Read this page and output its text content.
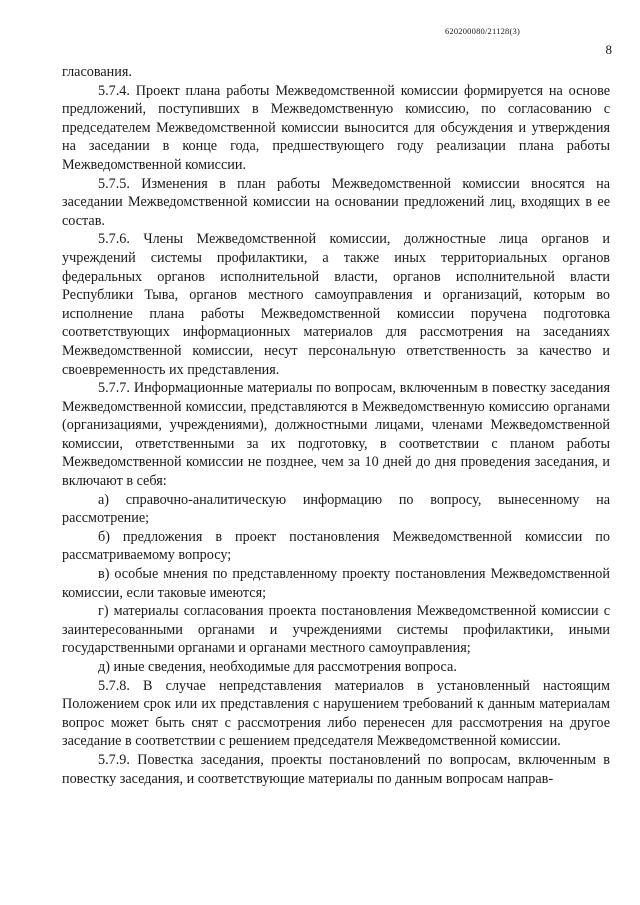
620200080/21128(3)
8

гласования.

5.7.4. Проект плана работы Межведомственной комиссии формируется на основе предложений, поступивших в Межведомственную комиссию, по согласованию с председателем Межведомственной комиссии выносится для обсуждения и утверждения на заседании в конце года, предшествующего году реализации плана работы Межведомственной комиссии.

5.7.5. Изменения в план работы Межведомственной комиссии вносятся на заседании Межведомственной комиссии на основании предложений лиц, входящих в ее состав.

5.7.6. Члены Межведомственной комиссии, должностные лица органов и учреждений системы профилактики, а также иных территориальных органов федеральных органов исполнительной власти, органов исполнительной власти Республики Тыва, органов местного самоуправления и организаций, которым во исполнение плана работы Межведомственной комиссии поручена подготовка соответствующих информационных материалов для рассмотрения на заседаниях Межведомственной комиссии, несут персональную ответственность за качество и своевременность их представления.

5.7.7. Информационные материалы по вопросам, включенным в повестку заседания Межведомственной комиссии, представляются в Межведомственную комиссию органами (организациями, учреждениями), должностными лицами, членами Межведомственной комиссии, ответственными за их подготовку, в соответствии с планом работы Межведомственной комиссии не позднее, чем за 10 дней до дня проведения заседания, и включают в себя:

а) справочно-аналитическую информацию по вопросу, вынесенному на рассмотрение;

б) предложения в проект постановления Межведомственной комиссии по рассматриваемому вопросу;

в) особые мнения по представленному проекту постановления Межведомственной комиссии, если таковые имеются;

г) материалы согласования проекта постановления Межведомственной комиссии с заинтересованными органами и учреждениями системы профилактики, иными государственными органами и органами местного самоуправления;

д) иные сведения, необходимые для рассмотрения вопроса.

5.7.8. В случае непредставления материалов в установленный настоящим Положением срок или их представления с нарушением требований к данным материалам вопрос может быть снят с рассмотрения либо перенесен для рассмотрения на другое заседание в соответствии с решением председателя Межведомственной комиссии.

5.7.9. Повестка заседания, проекты постановлений по вопросам, включенным в повестку заседания, и соответствующие материалы по данным вопросам направ-
